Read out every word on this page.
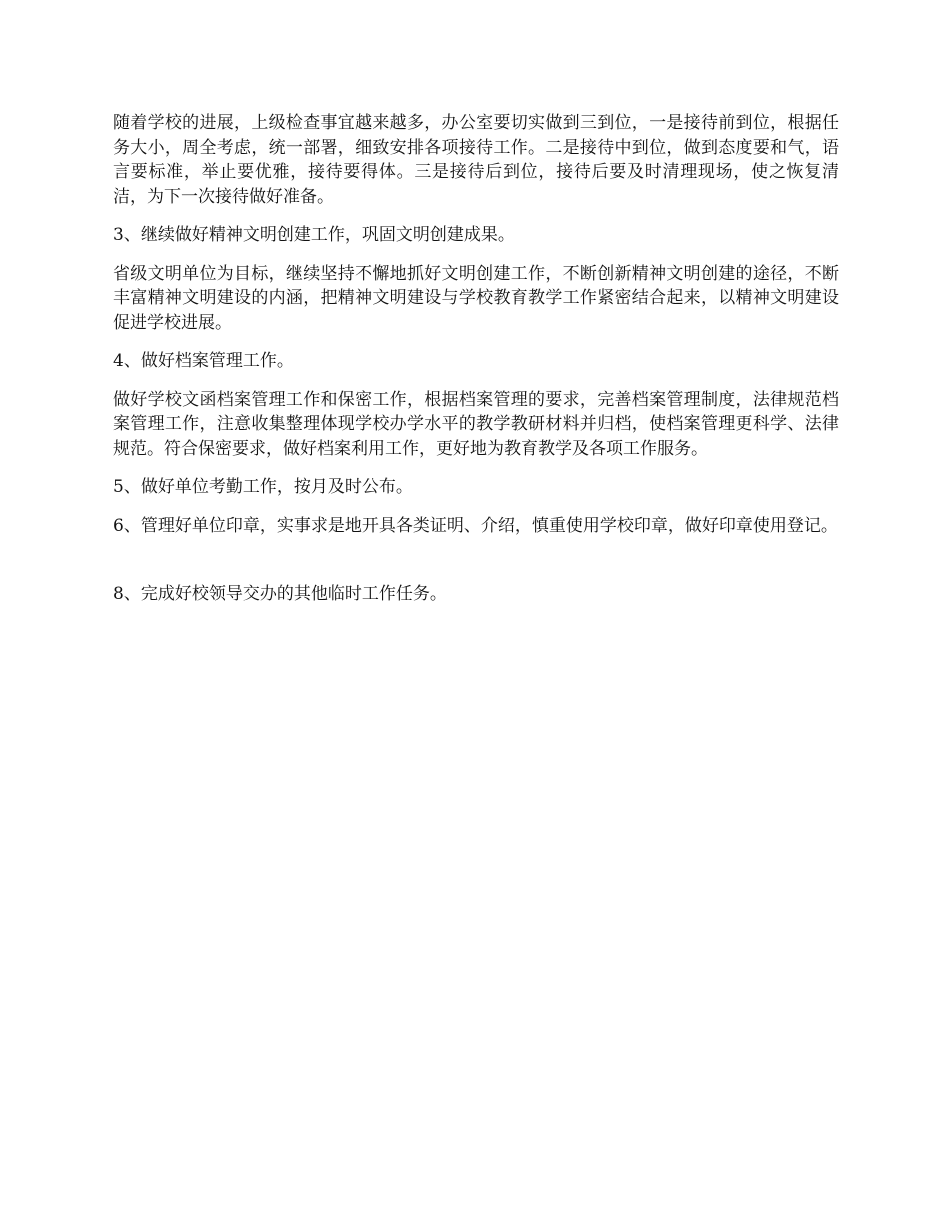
随着学校的进展，上级检查事宜越来越多，办公室要切实做到三到位，一是接待前到位，根据任务大小，周全考虑，统一部署，细致安排各项接待工作。二是接待中到位，做到态度要和气，语言要标准，举止要优雅，接待要得体。三是接待后到位，接待后要及时清理现场，使之恢复清洁，为下一次接待做好准备。

3、继续做好精神文明创建工作，巩固文明创建成果。

省级文明单位为目标，继续坚持不懈地抓好文明创建工作，不断创新精神文明创建的途径，不断丰富精神文明建设的内涵，把精神文明建设与学校教育教学工作紧密结合起来，以精神文明建设促进学校进展。

4、做好档案管理工作。

做好学校文函档案管理工作和保密工作，根据档案管理的要求，完善档案管理制度，法律规范档案管理工作，注意收集整理体现学校办学水平的教学教研材料并归档，使档案管理更科学、法律规范。符合保密要求，做好档案利用工作，更好地为教育教学及各项工作服务。

5、做好单位考勤工作，按月及时公布。

6、管理好单位印章，实事求是地开具各类证明、介绍，慎重使用学校印章，做好印章使用登记。

8、完成好校领导交办的其他临时工作任务。
